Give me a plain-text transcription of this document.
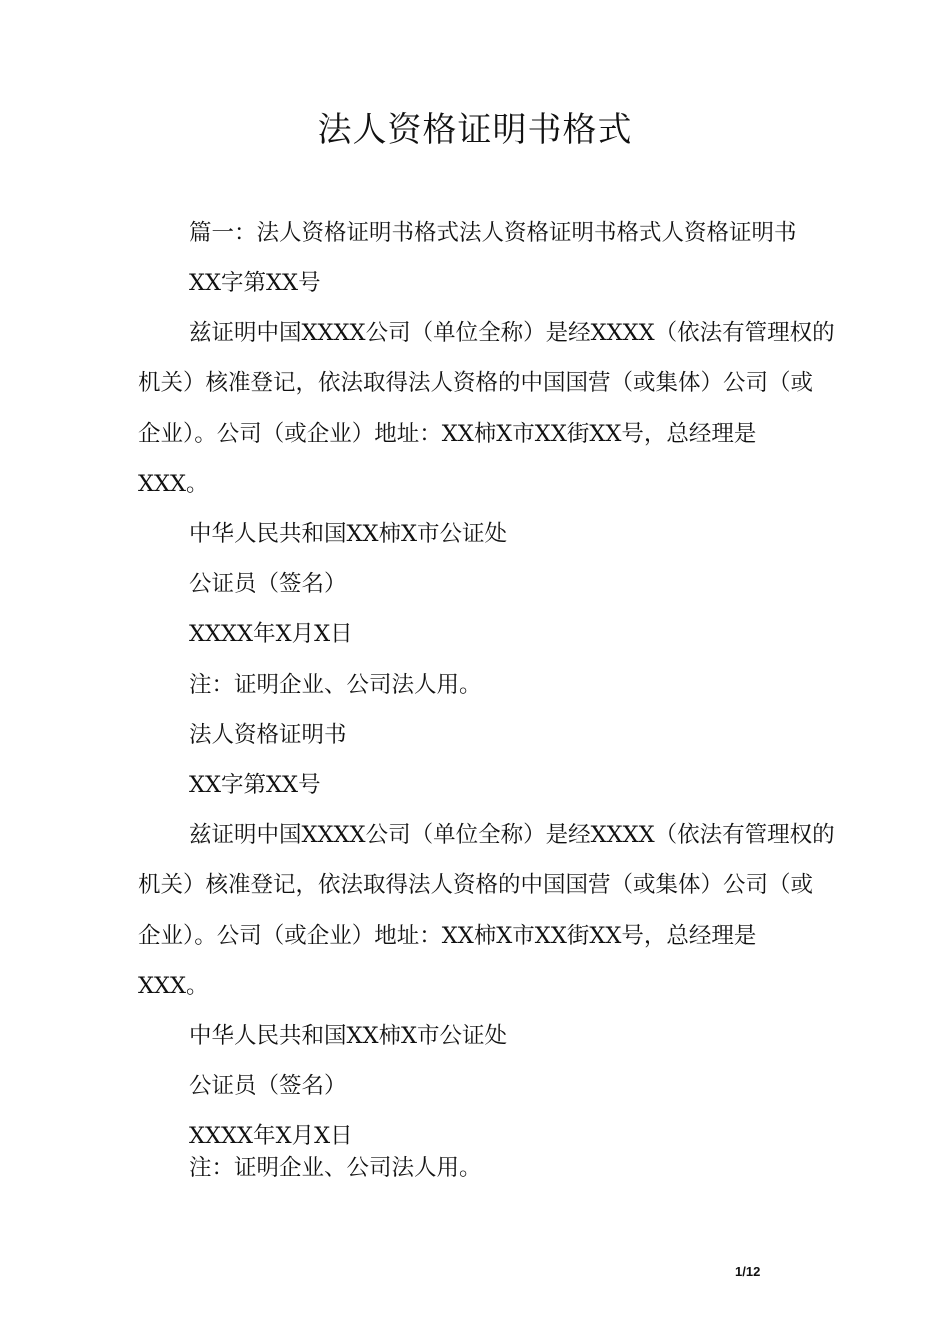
法人资格证明书格式
篇一：法人资格证明书格式法人资格证明书格式人资格证明书
XX字第XX号
兹证明中国XXXX公司（单位全称）是经XXXX（依法有管理权的
机关）核准登记，依法取得法人资格的中国国营（或集体）公司（或
企业）。公司（或企业）地址：XX柿X市XX街XX号，总经理是
XXX。
中华人民共和国XX柿X市公证处
公证员（签名）
XXXX年X月X日
注：证明企业、公司法人用。
法人资格证明书
XX字第XX号
兹证明中国XXXX公司（单位全称）是经XXXX（依法有管理权的
机关）核准登记，依法取得法人资格的中国国营（或集体）公司（或
企业）。公司（或企业）地址：XX柿X市XX街XX号，总经理是
XXX。
中华人民共和国XX柿X市公证处
公证员（签名）
XXXX年X月X日
注：证明企业、公司法人用。
1/12
